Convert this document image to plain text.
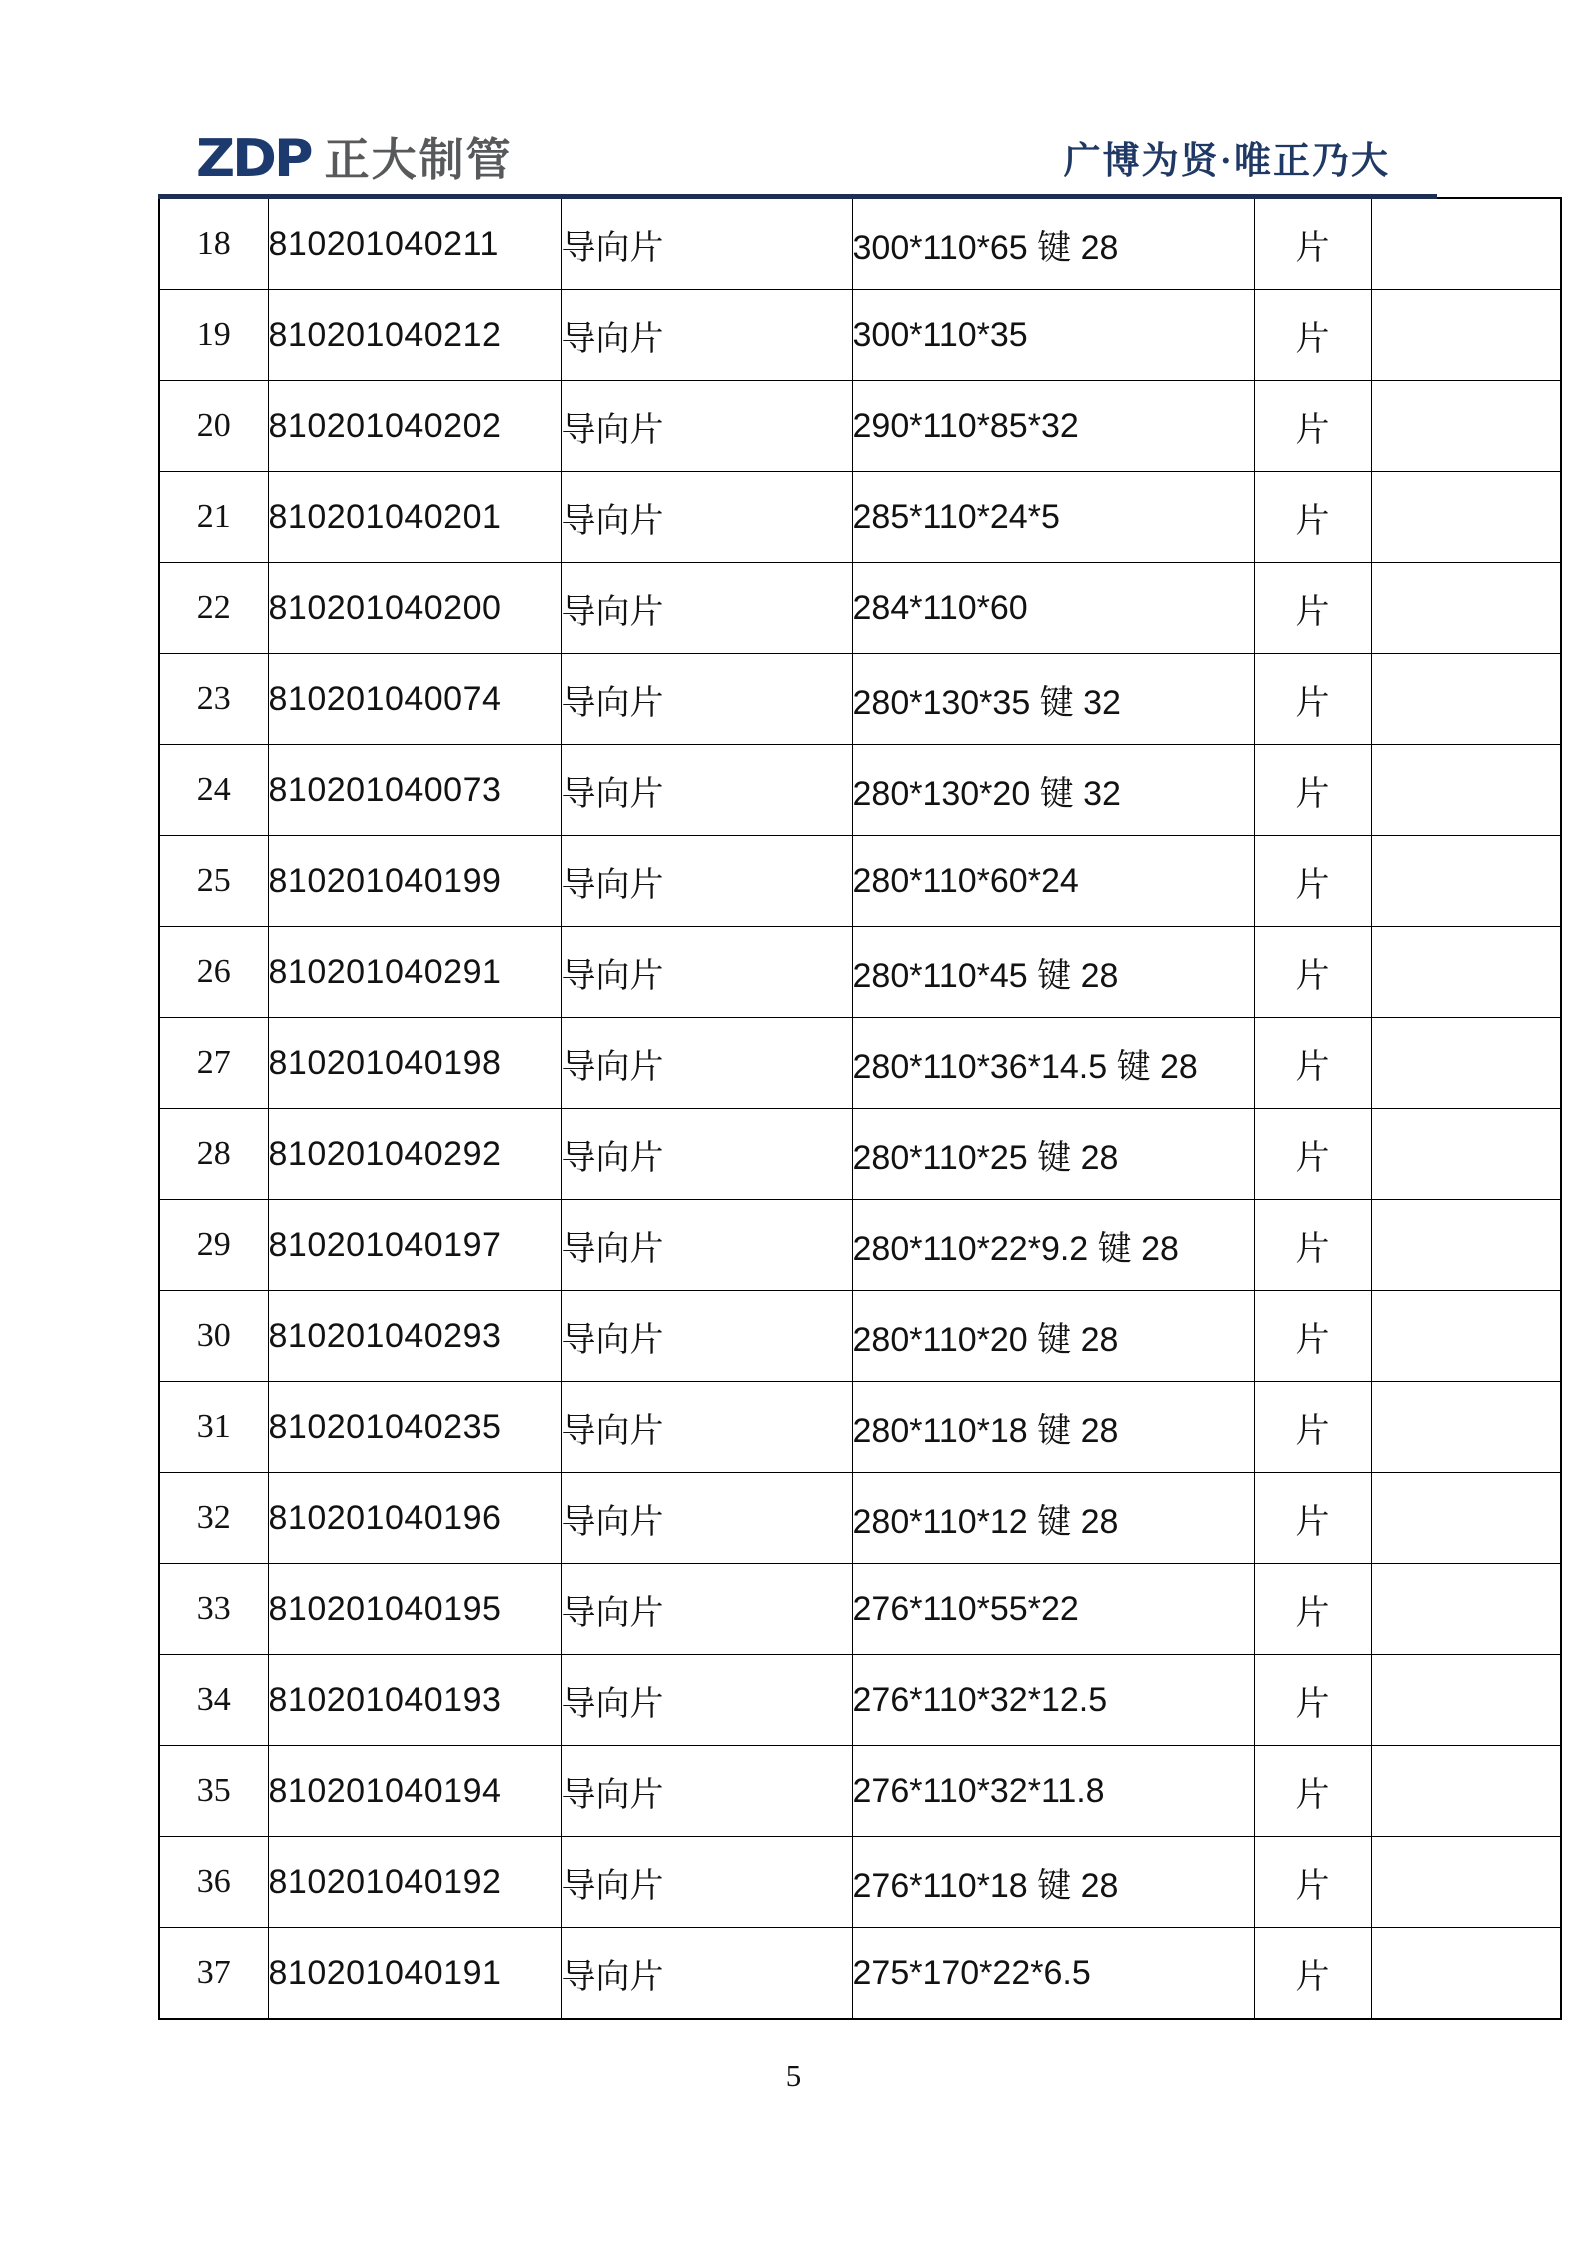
ZDP 正大制管	广博为贤·唯正乃大
18	810201040211	导向片	300*110*65 键 28	片	
19	810201040212	导向片	300*110*35	片	
20	810201040202	导向片	290*110*85*32	片	
21	810201040201	导向片	285*110*24*5	片	
22	810201040200	导向片	284*110*60	片	
23	810201040074	导向片	280*130*35 键 32	片	
24	810201040073	导向片	280*130*20 键 32	片	
25	810201040199	导向片	280*110*60*24	片	
26	810201040291	导向片	280*110*45 键 28	片	
27	810201040198	导向片	280*110*36*14.5 键 28	片	
28	810201040292	导向片	280*110*25 键 28	片	
29	810201040197	导向片	280*110*22*9.2 键 28	片	
30	810201040293	导向片	280*110*20 键 28	片	
31	810201040235	导向片	280*110*18 键 28	片	
32	810201040196	导向片	280*110*12 键 28	片	
33	810201040195	导向片	276*110*55*22	片	
34	810201040193	导向片	276*110*32*12.5	片	
35	810201040194	导向片	276*110*32*11.8	片	
36	810201040192	导向片	276*110*18 键 28	片	
37	810201040191	导向片	275*170*22*6.5	片	
5
